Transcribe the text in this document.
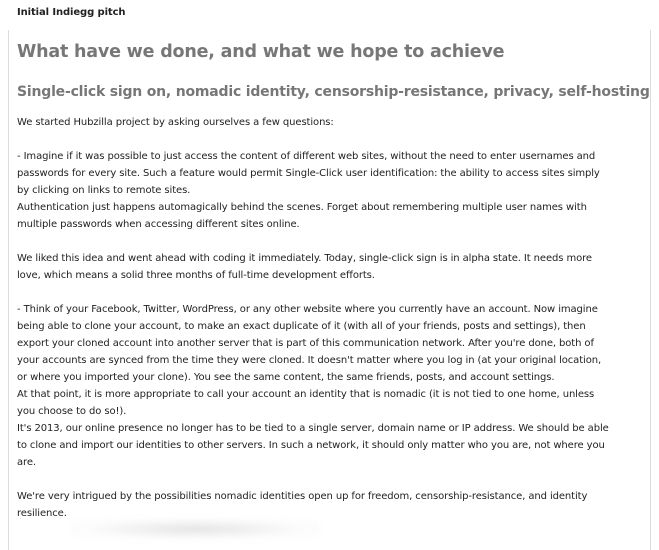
Initial Indiegg pitch
What have we done, and what we hope to achieve
Single-click sign on, nomadic identity, censorship-resistance, privacy, self-hosting

We started Hubzilla project by asking ourselves a few questions:

- Imagine if it was possible to just access the content of different web sites, without the need to enter usernames and
passwords for every site. Such a feature would permit Single-Click user identification: the ability to access sites simply
by clicking on links to remote sites.
Authentication just happens automagically behind the scenes. Forget about remembering multiple user names with
multiple passwords when accessing different sites online.

We liked this idea and went ahead with coding it immediately. Today, single-click sign is in alpha state. It needs more
love, which means a solid three months of full-time development efforts.

- Think of your Facebook, Twitter, WordPress, or any other website where you currently have an account. Now imagine
being able to clone your account, to make an exact duplicate of it (with all of your friends, posts and settings), then
export your cloned account into another server that is part of this communication network. After you're done, both of
your accounts are synced from the time they were cloned. It doesn't matter where you log in (at your original location,
or where you imported your clone). You see the same content, the same friends, posts, and account settings.
At that point, it is more appropriate to call your account an identity that is nomadic (it is not tied to one home, unless
you choose to do so!).
It's 2013, our online presence no longer has to be tied to a single server, domain name or IP address. We should be able
to clone and import our identities to other servers. In such a network, it should only matter who you are, not where you
are.

We're very intrigued by the possibilities nomadic identities open up for freedom, censorship-resistance, and identity
resilience.
